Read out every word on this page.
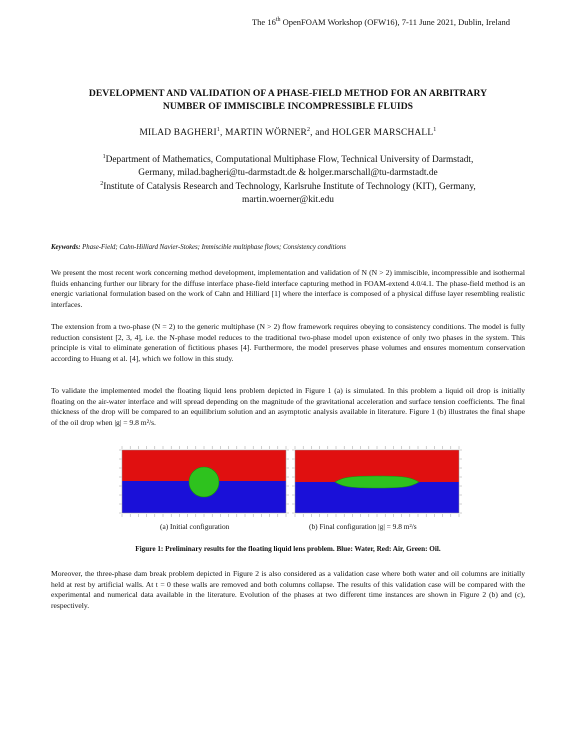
The 16th OpenFOAM Workshop (OFW16), 7-11 June 2021, Dublin, Ireland
DEVELOPMENT AND VALIDATION OF A PHASE-FIELD METHOD FOR AN ARBITRARY
NUMBER OF IMMISCIBLE INCOMPRESSIBLE FLUIDS
MILAD BAGHERI$^1$, MARTIN WÖRNER$^2$, and HOLGER MARSCHALL$^1$
$^1$Department of Mathematics, Computational Multiphase Flow, Technical University of Darmstadt,
Germany, milad.bagheri@tu-darmstadt.de & holger.marschall@tu-darmstadt.de
$^2$Institute of Catalysis Research and Technology, Karlsruhe Institute of Technology (KIT), Germany,
martin.woerner@kit.edu
Keywords: Phase-Field; Cahn-Hilliard Navier-Stokes; Immiscible multiphase flows; Consistency conditions
We present the most recent work concerning method development, implementation and validation of N (N > 2) immiscible, incompressible and isothermal fluids enhancing further our library for the diffuse interface phase-field interface capturing method in FOAM-extend 4.0/4.1. The phase-field method is an energic variational formulation based on the work of Cahn and Hilliard [1] where the interface is composed of a physical diffuse layer resembling realistic interfaces.
The extension from a two-phase (N = 2) to the generic multiphase (N > 2) flow framework requires obeying to consistency conditions. The model is fully reduction consistent [2, 3, 4], i.e. the N-phase model reduces to the traditional two-phase model upon existence of only two phases in the system. This principle is vital to eliminate generation of fictitious phases [4]. Furthermore, the model preserves phase volumes and ensures momentum conservation according to Huang et al. [4], which we follow in this study.
To validate the implemented model the floating liquid lens problem depicted in Figure 1 (a) is simulated. In this problem a liquid oil drop is initially floating on the air-water interface and will spread depending on the magnitude of the gravitational acceleration and surface tension coefficients. The final thickness of the drop will be compared to an equilibrium solution and an asymptotic analysis available in literature. Figure 1 (b) illustrates the final shape of the oil drop when |g| = 9.8 m²/s.
(a) Initial configuration	(b) Final configuration |g| = 9.8 m²/s
Figure 1: Preliminary results for the floating liquid lens problem. Blue: Water, Red: Air, Green: Oil.
Moreover, the three-phase dam break problem depicted in Figure 2 is also considered as a validation case where both water and oil columns are initially held at rest by artificial walls. At t = 0 these walls are removed and both columns collapse. The results of this validation case will be compared with the experimental and numerical data available in the literature. Evolution of the phases at two different time instances are shown in Figure 2 (b) and (c), respectively.
